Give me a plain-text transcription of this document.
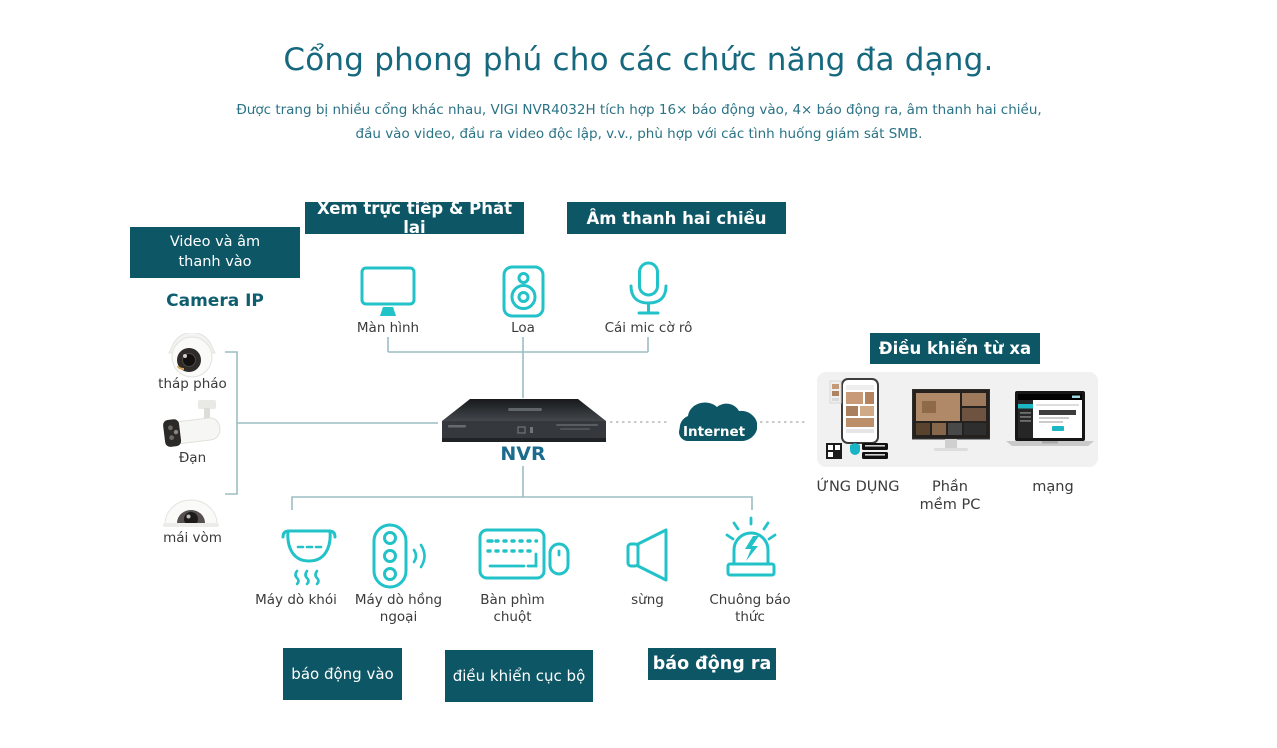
Cổng phong phú cho các chức năng đa dạng.
Được trang bị nhiều cổng khác nhau, VIGI NVR4032H tích hợp 16× báo động vào, 4× báo động ra, âm thanh hai chiều, đầu vào video, đầu ra video độc lập, v.v., phù hợp với các tình huống giám sát SMB.
Xem trực tiếp & Phát lại	Âm thanh hai chiều
Video và âm thanh vào
Điều khiển từ xa
Camera IP
tháp pháo
Đạn
mái vòm
Màn hình	Loa	Cái mic cờ rô
NVR
Internet
ỨNG DỤNG	Phần mềm PC
mạng
Máy dò khói	Máy dò hồng ngoại
Bàn phìm chuột
sừng	Chuông báo thức
báo động vào	điều khiển cục bộ
báo động ra
